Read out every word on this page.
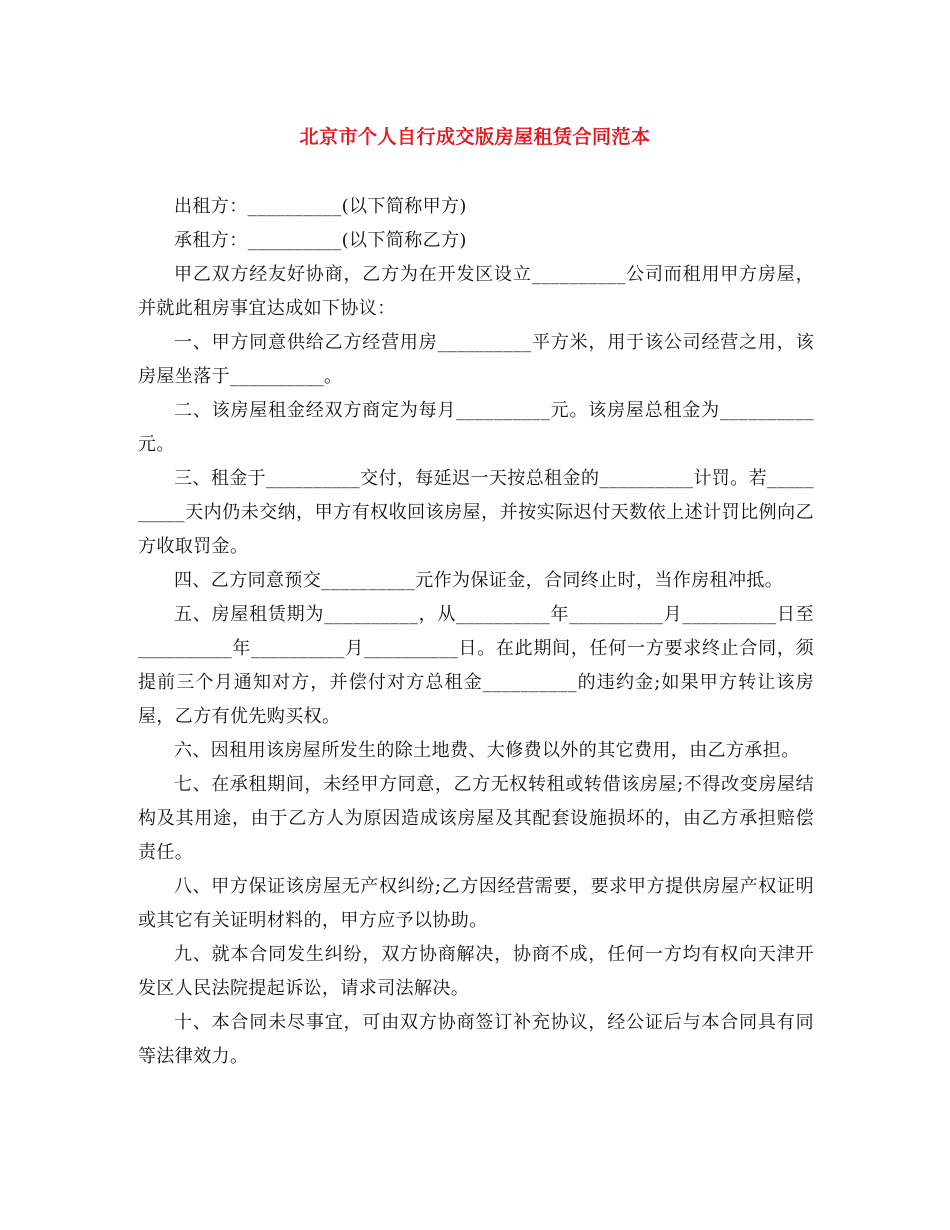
北京市个人自行成交版房屋租赁合同范本

出租方：__________(以下简称甲方)

承租方：__________(以下简称乙方)

甲乙双方经友好协商，乙方为在开发区设立__________公司而租用甲方房屋，并就此租房事宜达成如下协议：

一、甲方同意供给乙方经营用房__________平方米，用于该公司经营之用，该房屋坐落于__________。

二、该房屋租金经双方商定为每月__________元。该房屋总租金为__________元。

三、租金于__________交付，每延迟一天按总租金的__________计罚。若__________天内仍未交纳，甲方有权收回该房屋，并按实际迟付天数依上述计罚比例向乙方收取罚金。

四、乙方同意预交__________元作为保证金，合同终止时，当作房租冲抵。

五、房屋租赁期为__________，从__________年__________月__________日至__________年__________月__________日。在此期间，任何一方要求终止合同，须提前三个月通知对方，并偿付对方总租金__________的违约金;如果甲方转让该房屋，乙方有优先购买权。

六、因租用该房屋所发生的除土地费、大修费以外的其它费用，由乙方承担。

七、在承租期间，未经甲方同意，乙方无权转租或转借该房屋;不得改变房屋结构及其用途，由于乙方人为原因造成该房屋及其配套设施损坏的，由乙方承担赔偿责任。

八、甲方保证该房屋无产权纠纷;乙方因经营需要，要求甲方提供房屋产权证明或其它有关证明材料的，甲方应予以协助。

九、就本合同发生纠纷，双方协商解决，协商不成，任何一方均有权向天津开发区人民法院提起诉讼，请求司法解决。

十、本合同未尽事宜，可由双方协商签订补充协议，经公证后与本合同具有同等法律效力。
